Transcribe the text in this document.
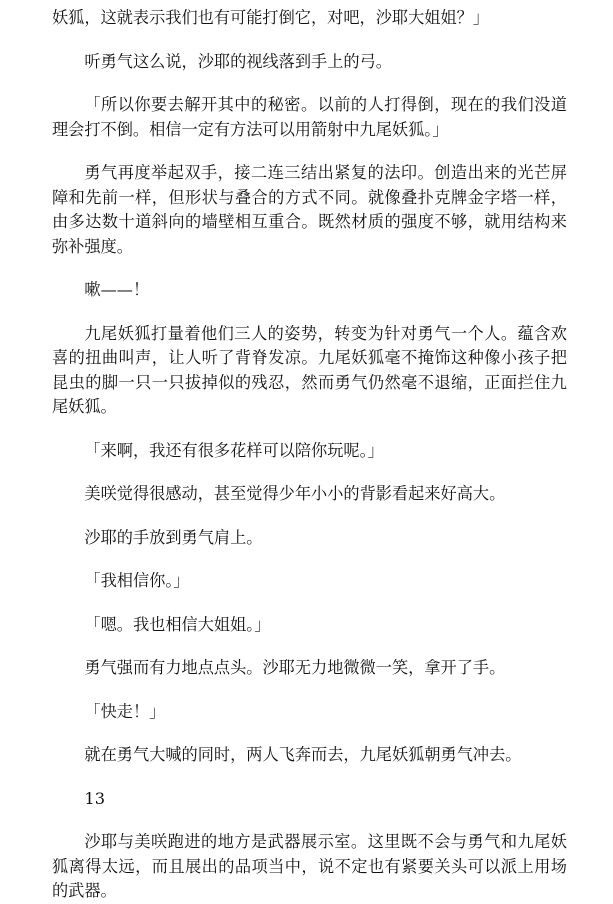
妖狐，这就表示我们也有可能打倒它，对吧，沙耶大姐姐？」

听勇气这么说，沙耶的视线落到手上的弓。

「所以你要去解开其中的秘密。以前的人打得倒，现在的我们没道理会打不倒。相信一定有方法可以用箭射中九尾妖狐。」

勇气再度举起双手，接二连三结出紧复的法印。创造出来的光芒屏障和先前一样，但形状与叠合的方式不同。就像叠扑克牌金字塔一样，由多达数十道斜向的墙壁相互重合。既然材质的强度不够，就用结构来弥补强度。

嗽——！

九尾妖狐打量着他们三人的姿势，转变为针对勇气一个人。蕴含欢喜的扭曲叫声，让人听了背脊发凉。九尾妖狐毫不掩饰这种像小孩子把昆虫的脚一只一只拔掉似的残忍，然而勇气仍然毫不退缩，正面拦住九尾妖狐。

「来啊，我还有很多花样可以陪你玩呢。」

美咲觉得很感动，甚至觉得少年小小的背影看起来好高大。

沙耶的手放到勇气肩上。

「我相信你。」

「嗯。我也相信大姐姐。」

勇气强而有力地点点头。沙耶无力地微微一笑，拿开了手。

「快走！」

就在勇气大喊的同时，两人飞奔而去，九尾妖狐朝勇气冲去。

13

沙耶与美咲跑进的地方是武器展示室。这里既不会与勇气和九尾妖狐离得太远，而且展出的品项当中，说不定也有紧要关头可以派上用场的武器。
